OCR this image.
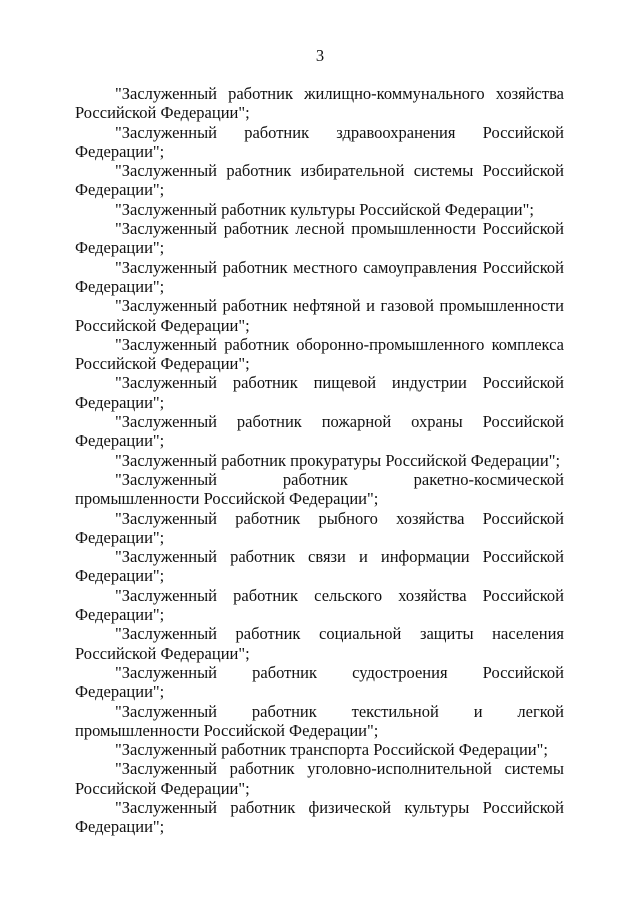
3

"Заслуженный работник жилищно-коммунального хозяйства Российской Федерации";

"Заслуженный работник здравоохранения Российской Федерации";

"Заслуженный работник избирательной системы Российской Федерации";

"Заслуженный работник культуры Российской Федерации";

"Заслуженный работник лесной промышленности Российской Федерации";

"Заслуженный работник местного самоуправления Российской Федерации";

"Заслуженный работник нефтяной и газовой промышленности Российской Федерации";

"Заслуженный работник оборонно-промышленного комплекса Российской Федерации";

"Заслуженный работник пищевой индустрии Российской Федерации";

"Заслуженный работник пожарной охраны Российской Федерации";

"Заслуженный работник прокуратуры Российской Федерации";

"Заслуженный работник ракетно-космической промышленности Российской Федерации";

"Заслуженный работник рыбного хозяйства Российской Федерации";

"Заслуженный работник связи и информации Российской Федерации";

"Заслуженный работник сельского хозяйства Российской Федерации";

"Заслуженный работник социальной защиты населения Российской Федерации";

"Заслуженный работник судостроения Российской Федерации";

"Заслуженный работник текстильной и легкой промышленности Российской Федерации";

"Заслуженный работник транспорта Российской Федерации";

"Заслуженный работник уголовно-исполнительной системы Российской Федерации";

"Заслуженный работник физической культуры Российской Федерации";
